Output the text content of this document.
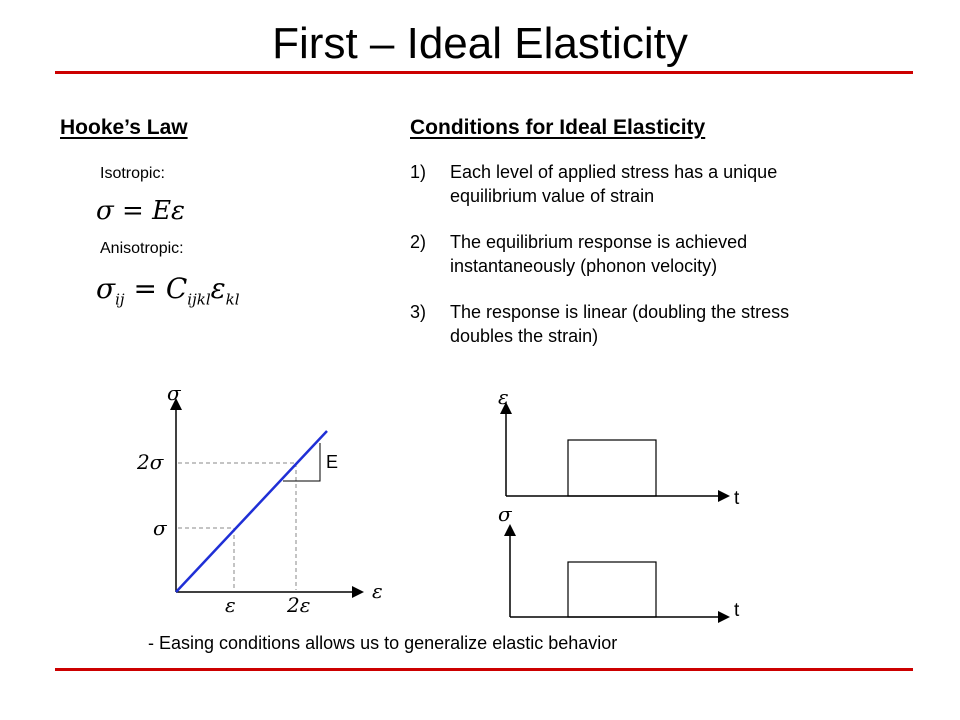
First – Ideal Elasticity
Hooke’s Law
Isotropic:
σ = Eε
Anisotropic:
$\sigma_{ij} = C_{ijkl}\varepsilon_{kl}$
Conditions for Ideal Elasticity
1)	Each level of applied stress has a unique equilibrium value of strain
2)	The equilibrium response is achieved instantaneously (phonon velocity)
3)	The response is linear (doubling the stress doubles the strain)
E
σ
ε
2σ
σ
ε	2ε
ε
t
σ
t
- Easing conditions allows us to generalize elastic behavior
